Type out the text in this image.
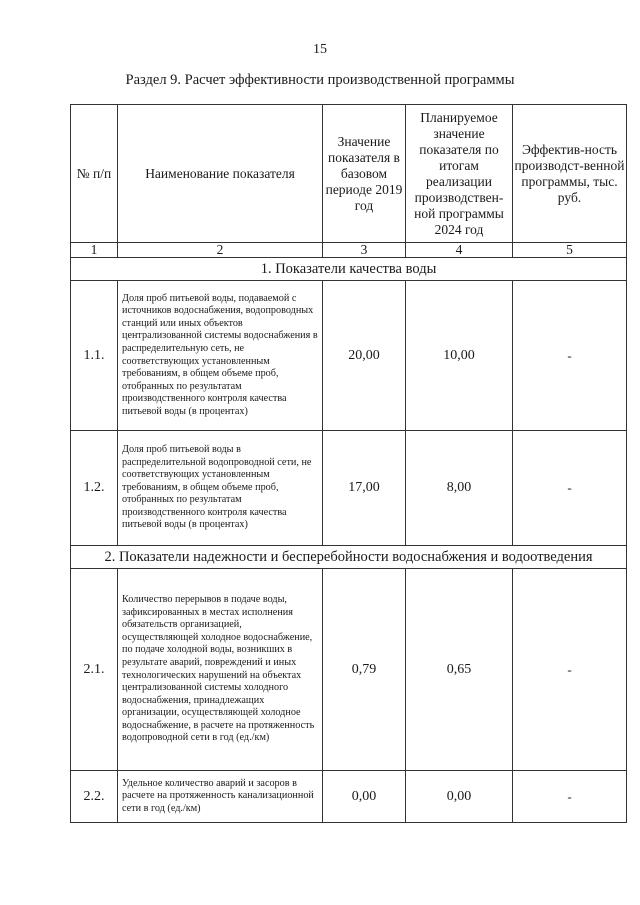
15
Раздел 9. Расчет эффективности производственной программы
№ п/п	Наименование показателя	Значение показателя в базовом периоде 2019 год	Планируемое значение показателя по итогам реализации производствен-ной программы 2024 год	Эффектив-ность производст-венной программы, тыс. руб.
1	2	3	4	5
1. Показатели качества воды				
1.1.	Доля проб питьевой воды, подаваемой с источников водоснабжения, водопроводных станций или иных объектов централизованной системы водоснабжения в распределительную сеть, не соответствующих установленным требованиям, в общем объеме проб, отобранных по результатам производственного контроля качества питьевой воды (в процентах)	20,00	10,00	-
1.2.	Доля проб питьевой воды в распределительной водопроводной сети, не соответствующих установленным требованиям, в общем объеме проб, отобранных по результатам производственного контроля качества питьевой воды (в процентах)	17,00	8,00	-
2. Показатели надежности и бесперебойности водоснабжения и водоотведения				
2.1.	Количество перерывов в подаче воды, зафиксированных в местах исполнения обязательств организацией, осуществляющей холодное водоснабжение, по подаче холодной воды, возникших в результате аварий, повреждений и иных технологических нарушений на объектах централизованной системы холодного водоснабжения, принадлежащих организации, осуществляющей холодное водоснабжение, в расчете на протяженность водопроводной сети в год (ед./км)	0,79	0,65	-
2.2.	Удельное количество аварий и засоров в расчете на протяженность канализационной сети в год (ед./км)	0,00	0,00	-
